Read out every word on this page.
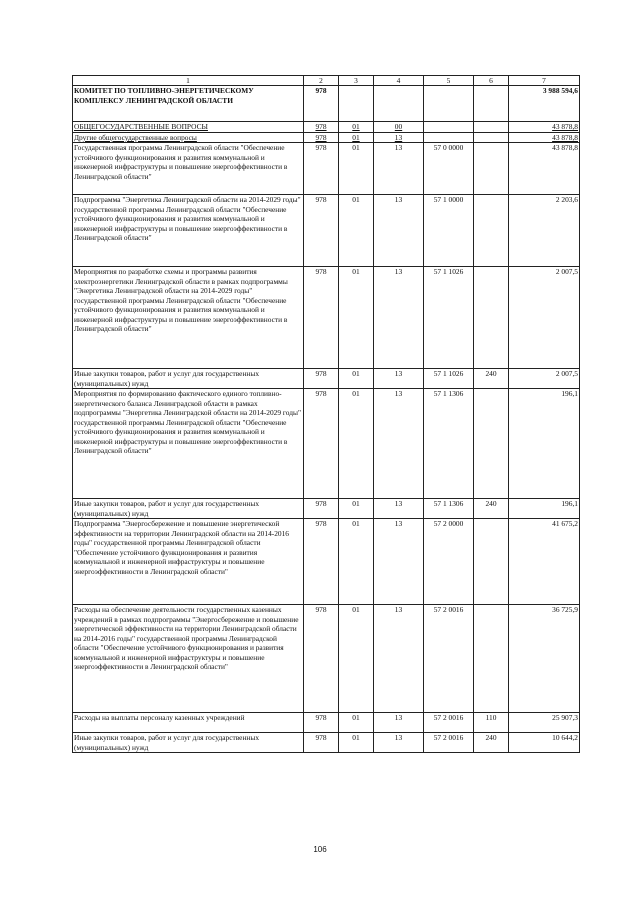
1	2	3	4	5	6	7
КОМИТЕТ ПО ТОПЛИВНО-ЭНЕРГЕТИЧЕСКОМУ КОМПЛЕКСУ ЛЕНИНГРАДСКОЙ ОБЛАСТИ	978					3 988 594,6
ОБЩЕГОСУДАРСТВЕННЫЕ ВОПРОСЫ	978	01	00			43 878,8
Другие общегосударственные вопросы	978	01	13			43 878,8
Государственная программа Ленинградской области "Обеспечение устойчивого функционирования и развития коммунальной и инженерной инфраструктуры и повышение энергоэффективности в Ленинградской области"	978	01	13	57 0 0000		43 878,8
Подпрограмма "Энергетика Ленинградской области на 2014-2029 годы" государственной программы Ленинградской области "Обеспечение устойчивого функционирования и развития коммунальной и инженерной инфраструктуры и повышение энергоэффективности в Ленинградской области"	978	01	13	57 1 0000		2 203,6
Мероприятия по разработке схемы и программы развития электроэнергетики Ленинградской области в рамках подпрограммы "Энергетика Ленинградской области на 2014-2029 годы" государственной программы Ленинградской области "Обеспечение устойчивого функционирования и развития коммунальной и инженерной инфраструктуры и повышение энергоэффективности в Ленинградской области"	978	01	13	57 1 1026		2 007,5
Иные закупки товаров, работ и услуг для государственных (муниципальных) нужд	978	01	13	57 1 1026	240	2 007,5
Мероприятия по формированию фактического единого топливно-энергетического баланса Ленинградской области в рамках подпрограммы "Энергетика Ленинградской области на 2014-2029 годы" государственной программы Ленинградской области "Обеспечение устойчивого функционирования и развития коммунальной и инженерной инфраструктуры и повышение энергоэффективности в Ленинградской области"	978	01	13	57 1 1306		196,1
Иные закупки товаров, работ и услуг для государственных (муниципальных) нужд	978	01	13	57 1 1306	240	196,1
Подпрограмма "Энергосбережение и повышение энергетической эффективности на территории Ленинградской области на 2014-2016 годы" государственной программы Ленинградской области "Обеспечение устойчивого функционирования и развития коммунальной и инженерной инфраструктуры и повышение энергоэффективности в Ленинградской области"	978	01	13	57 2 0000		41 675,2
Расходы на обеспечение деятельности государственных казенных учреждений в рамках подпрограммы "Энергосбережение и повышение энергетической эффективности на территории Ленинградской области на 2014-2016 годы" государственной программы Ленинградской области "Обеспечение устойчивого функционирования и развития коммунальной и инженерной инфраструктуры и повышение энергоэффективности в Ленинградской области"	978	01	13	57 2 0016		36 725,9
Расходы на выплаты персоналу казенных учреждений	978	01	13	57 2 0016	110	25 907,3
Иные закупки товаров, работ и услуг для государственных (муниципальных) нужд	978	01	13	57 2 0016	240	10 644,2
106
